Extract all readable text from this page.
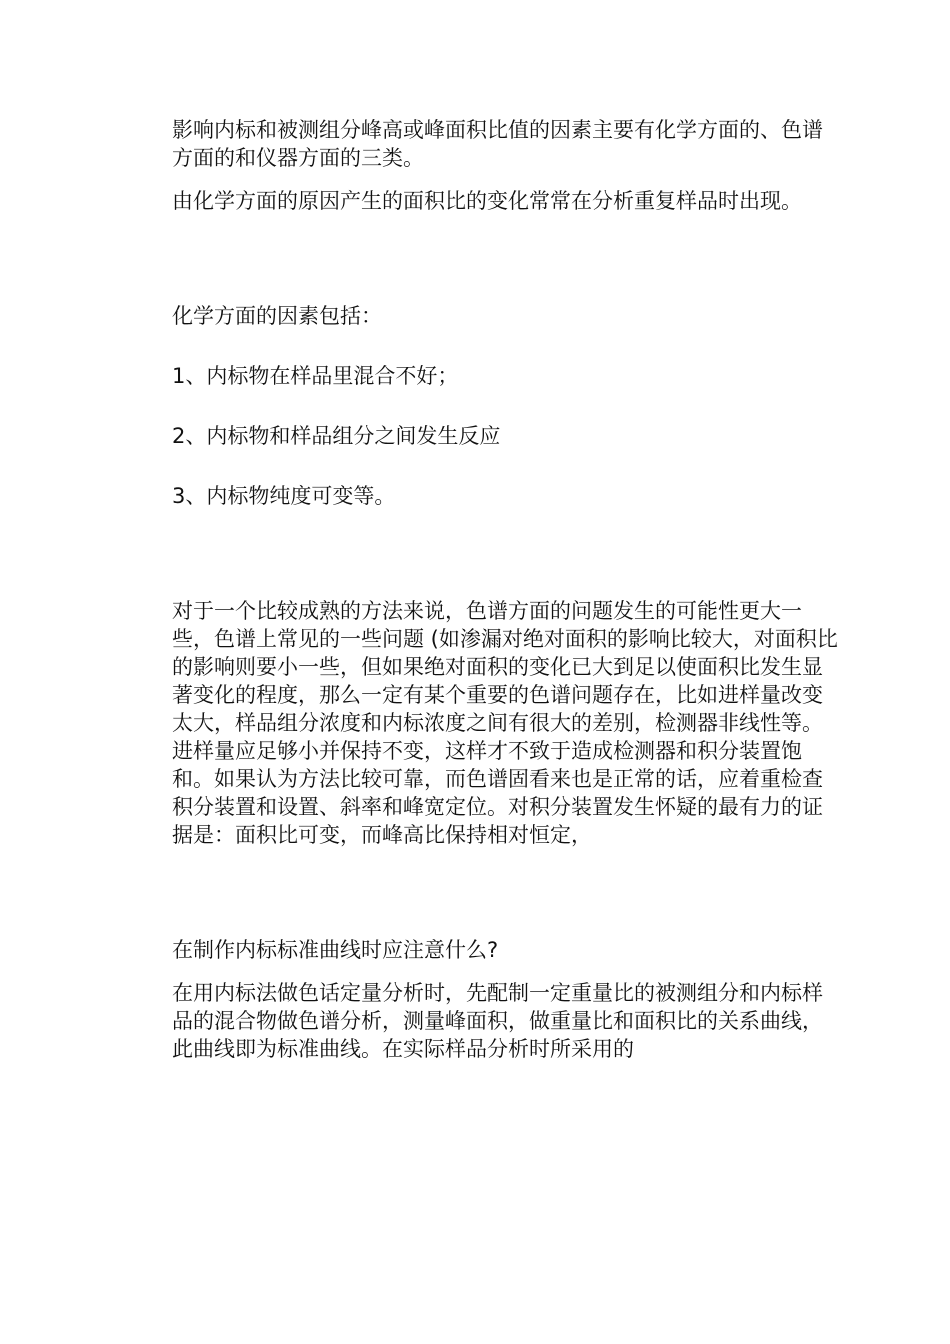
影响内标和被测组分峰高或峰面积比值的因素主要有化学方面的、色谱方面的和仪器方面的三类。

由化学方面的原因产生的面积比的变化常常在分析重复样品时出现。

化学方面的因素包括：

1、内标物在样品里混合不好；

2、内标物和样品组分之间发生反应

3、内标物纯度可变等。

对于一个比较成熟的方法来说，色谱方面的问题发生的可能性更大一些，色谱上常见的一些问题 (如渗漏对绝对面积的影响比较大，对面积比的影响则要小一些，但如果绝对面积的变化已大到足以使面积比发生显著变化的程度，那么一定有某个重要的色谱问题存在，比如进样量改变太大，样品组分浓度和内标浓度之间有很大的差别，检测器非线性等。进样量应足够小并保持不变，这样才不致于造成检测器和积分装置饱和。如果认为方法比较可靠，而色谱固看来也是正常的话，应着重检查积分装置和设置、斜率和峰宽定位。对积分装置发生怀疑的最有力的证据是：面积比可变，而峰高比保持相对恒定，

在制作内标标准曲线时应注意什么?

在用内标法做色话定量分析时，先配制一定重量比的被测组分和内标样品的混合物做色谱分析，测量峰面积，做重量比和面积比的关系曲线，此曲线即为标准曲线。在实际样品分析时所采用的
